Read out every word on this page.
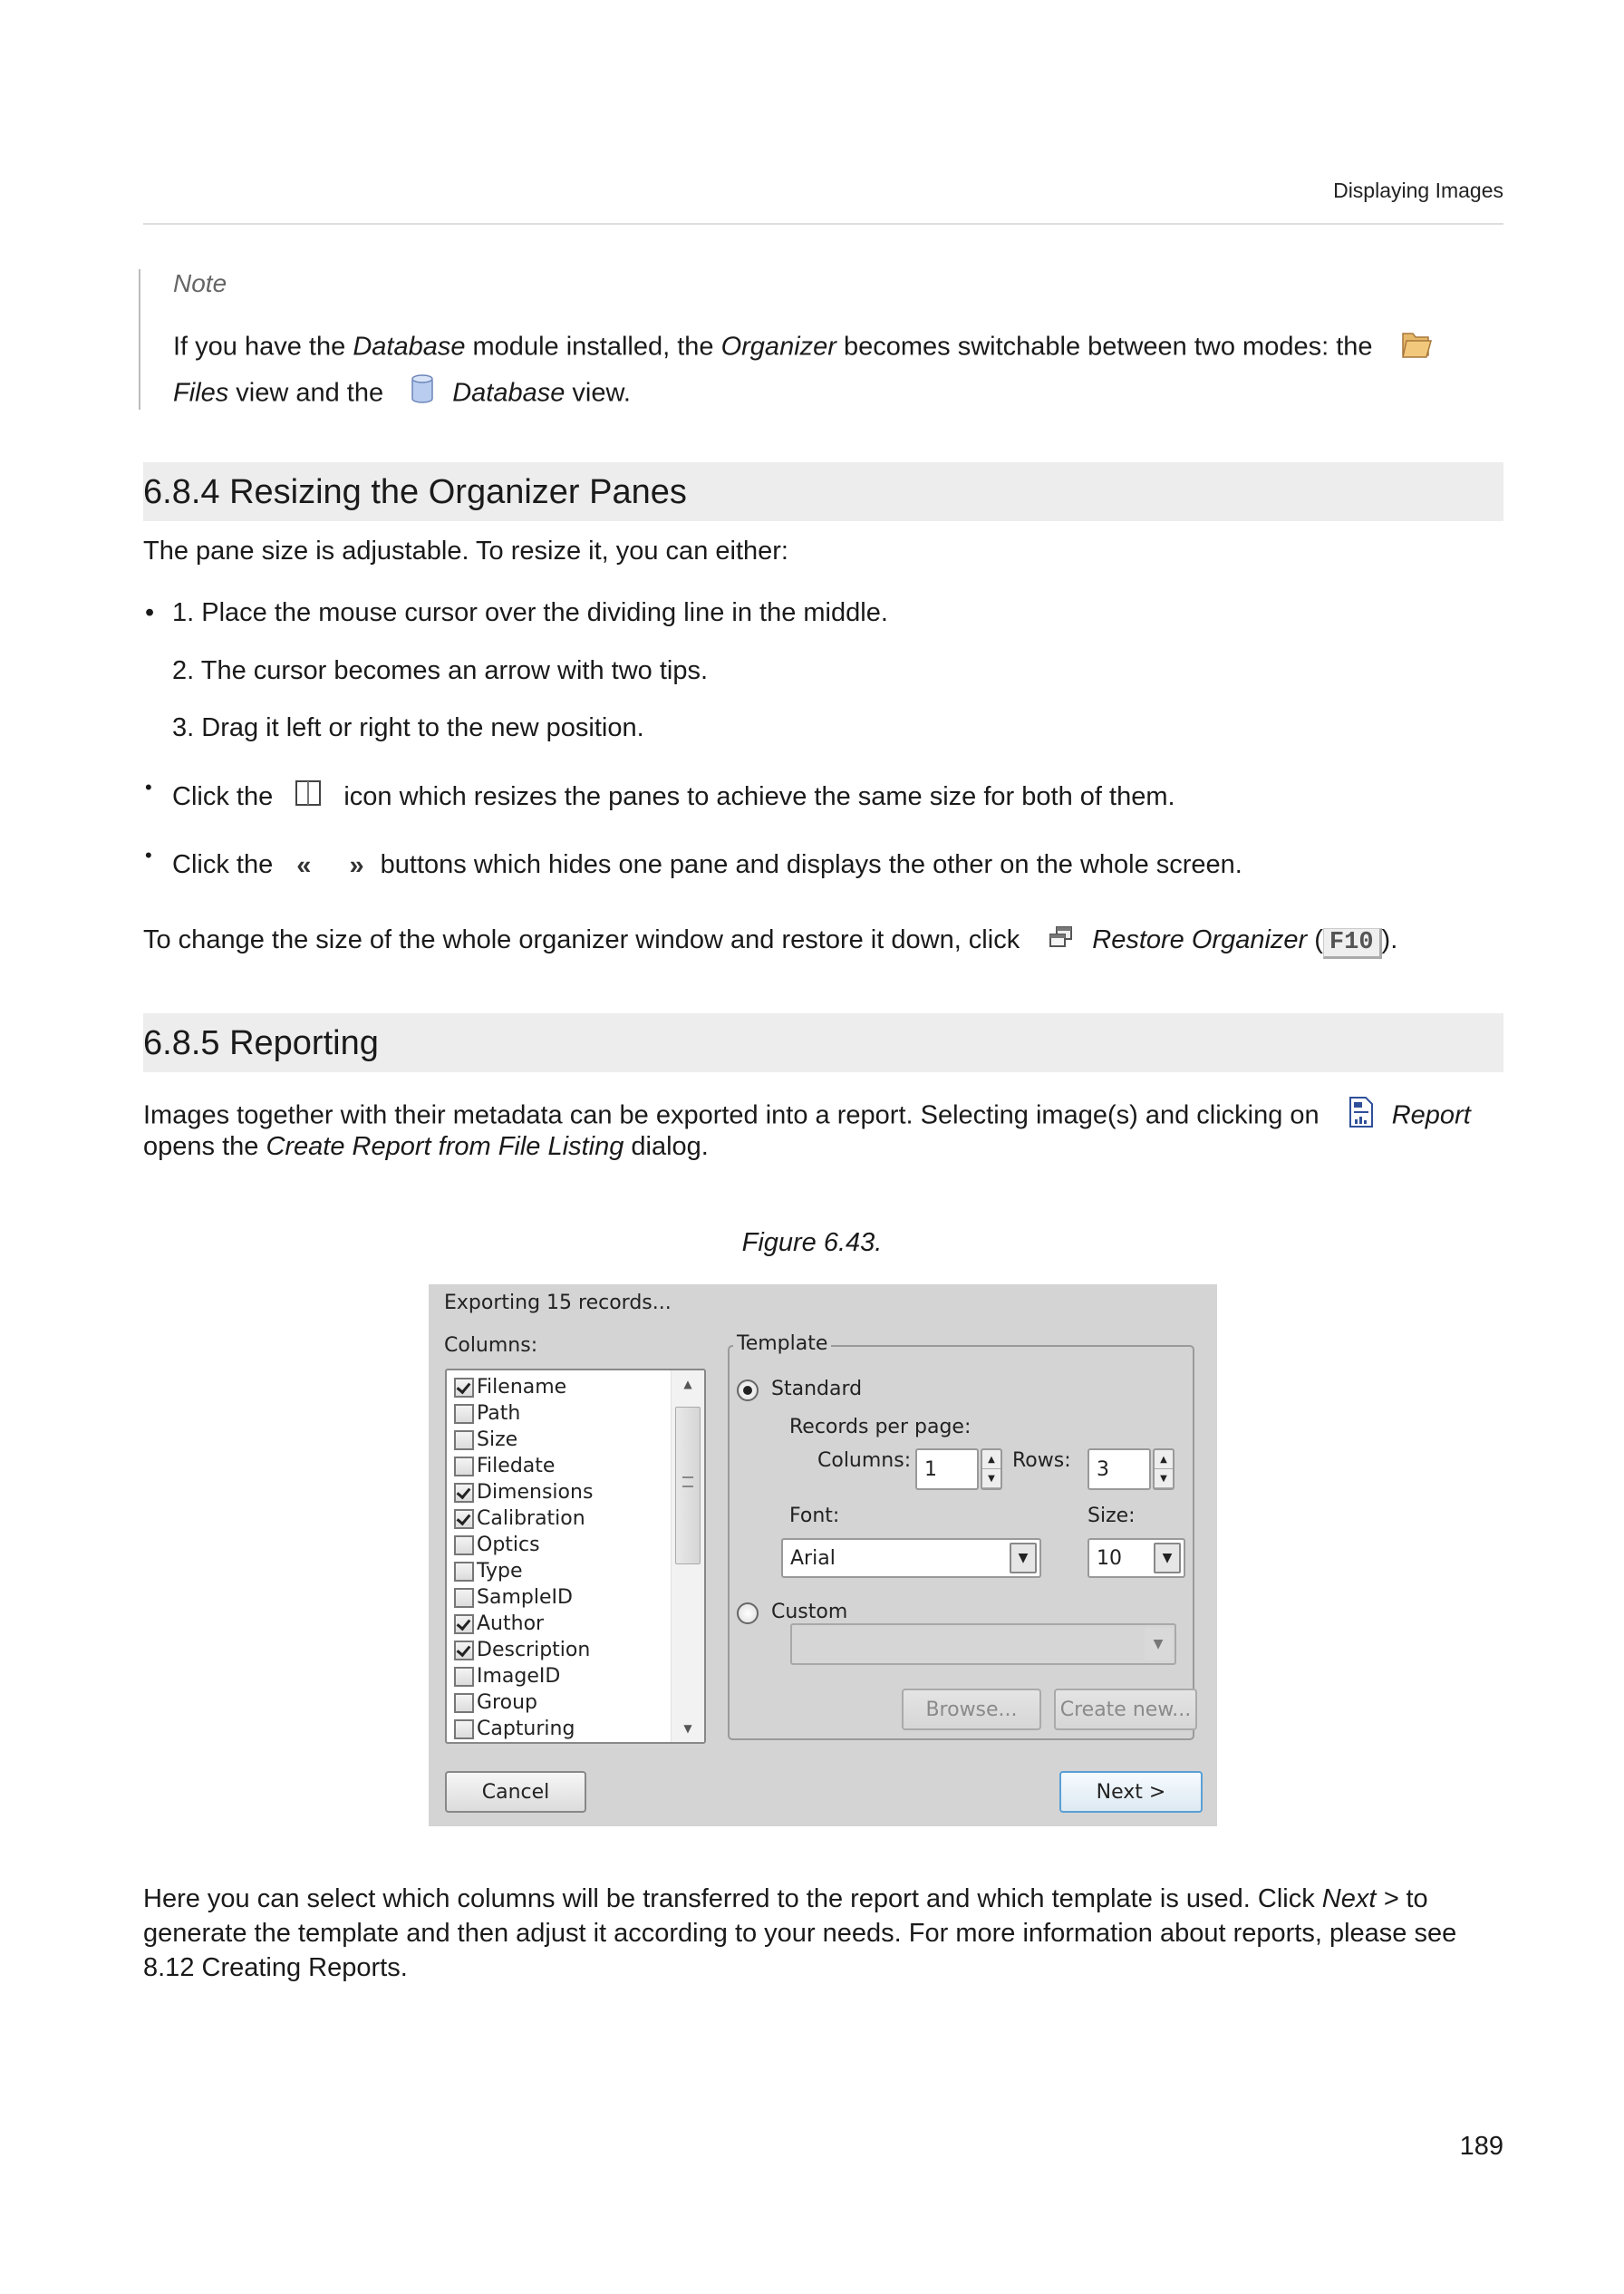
Displaying Images
Note
If you have the Database module installed, the Organizer becomes switchable between two modes: the
Files view and the	Database view.
6.8.4 Resizing the Organizer Panes
The pane size is adjustable. To resize it, you can either:
• 1. Place the mouse cursor over the dividing line in the middle.
2. The cursor becomes an arrow with two tips.
3. Drag it left or right to the new position.
• Click the	icon which resizes the panes to achieve the same size for both of them.
• Click the « » buttons which hides one pane and displays the other on the whole screen.
To change the size of the whole organizer window and restore it down, click	Restore Organizer ( F10 ).
6.8.5 Reporting
Images together with their metadata can be exported into a report. Selecting image(s) and clicking on	Report
opens the Create Report from File Listing dialog.
Figure 6.43.
Exporting 15 records...
Columns:
Capturing
Group
ImageID
Description
Author
SampleID
Type
Optics
Calibration
Dimensions
Filedate
Size
Path
Filename	▲
▼
Template
Standard
Records per page:
Columns: 1	▲
▼
Rows:	3	▲
▼
Font:	Size:
Arial	▼	10	▼
Custom
▼
Browse...	Create new...
Cancel	Next >
Here you can select which columns will be transferred to the report and which template is used. Click Next > to
generate the template and then adjust it according to your needs. For more information about reports, please see
8.12 Creating Reports.
189
